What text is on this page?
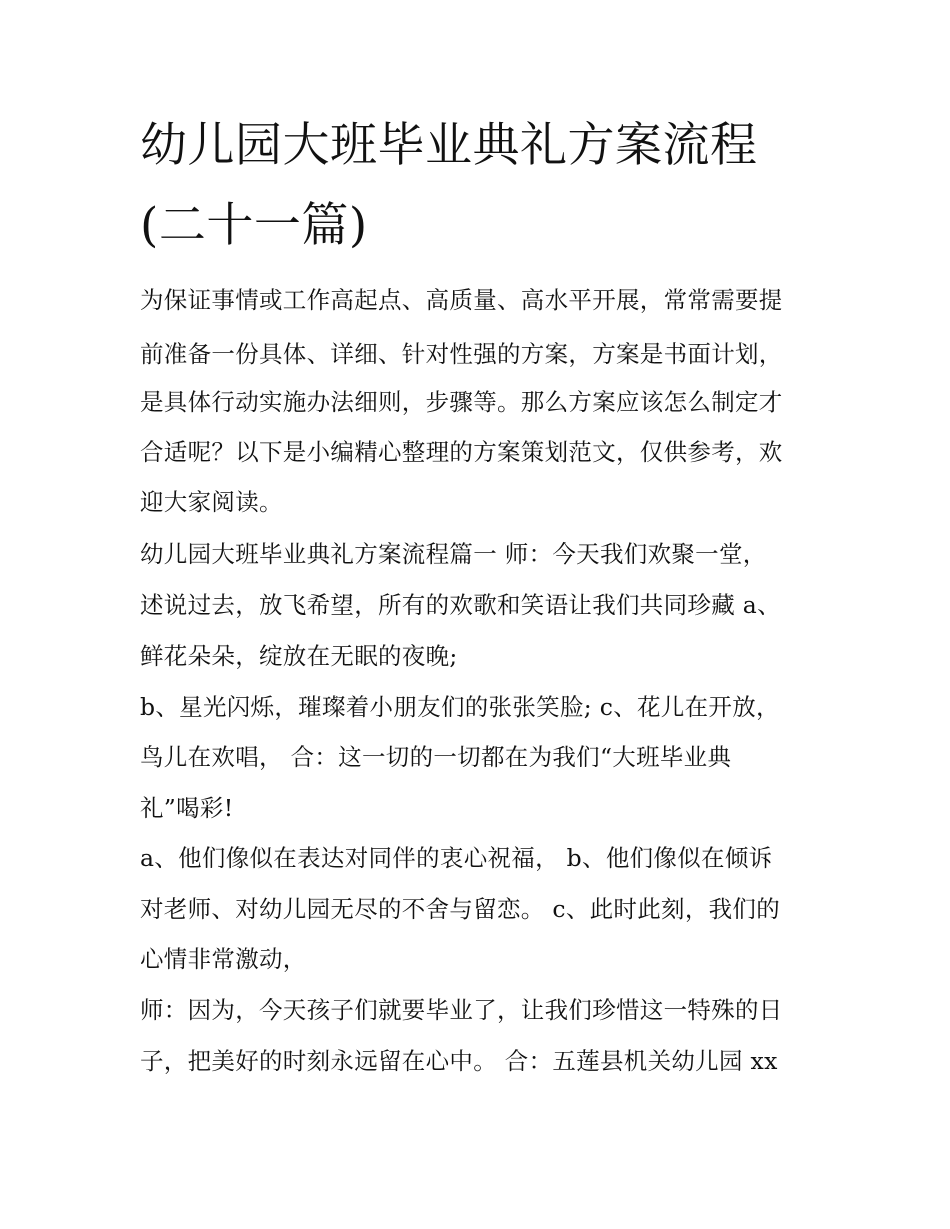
幼儿园大班毕业典礼方案流程
(二十一篇)

为保证事情或工作高起点、高质量、高水平开展，常常需要提

前准备一份具体、详细、针对性强的方案，方案是书面计划，

是具体行动实施办法细则，步骤等。那么方案应该怎么制定才

合适呢？以下是小编精心整理的方案策划范文，仅供参考，欢

迎大家阅读。

幼儿园大班毕业典礼方案流程篇一 师：今天我们欢聚一堂，

述说过去，放飞希望，所有的欢歌和笑语让我们共同珍藏 a、

鲜花朵朵，绽放在无眠的夜晚;

b、星光闪烁，璀璨着小朋友们的张张笑脸; c、花儿在开放，

鸟儿在欢唱， 合：这一切的一切都在为我们“大班毕业典

礼”喝彩!

a、他们像似在表达对同伴的衷心祝福， b、他们像似在倾诉

对老师、对幼儿园无尽的不舍与留恋。 c、此时此刻，我们的

心情非常激动，

师：因为，今天孩子们就要毕业了，让我们珍惜这一特殊的日

子，把美好的时刻永远留在心中。 合：五莲县机关幼儿园 xx
